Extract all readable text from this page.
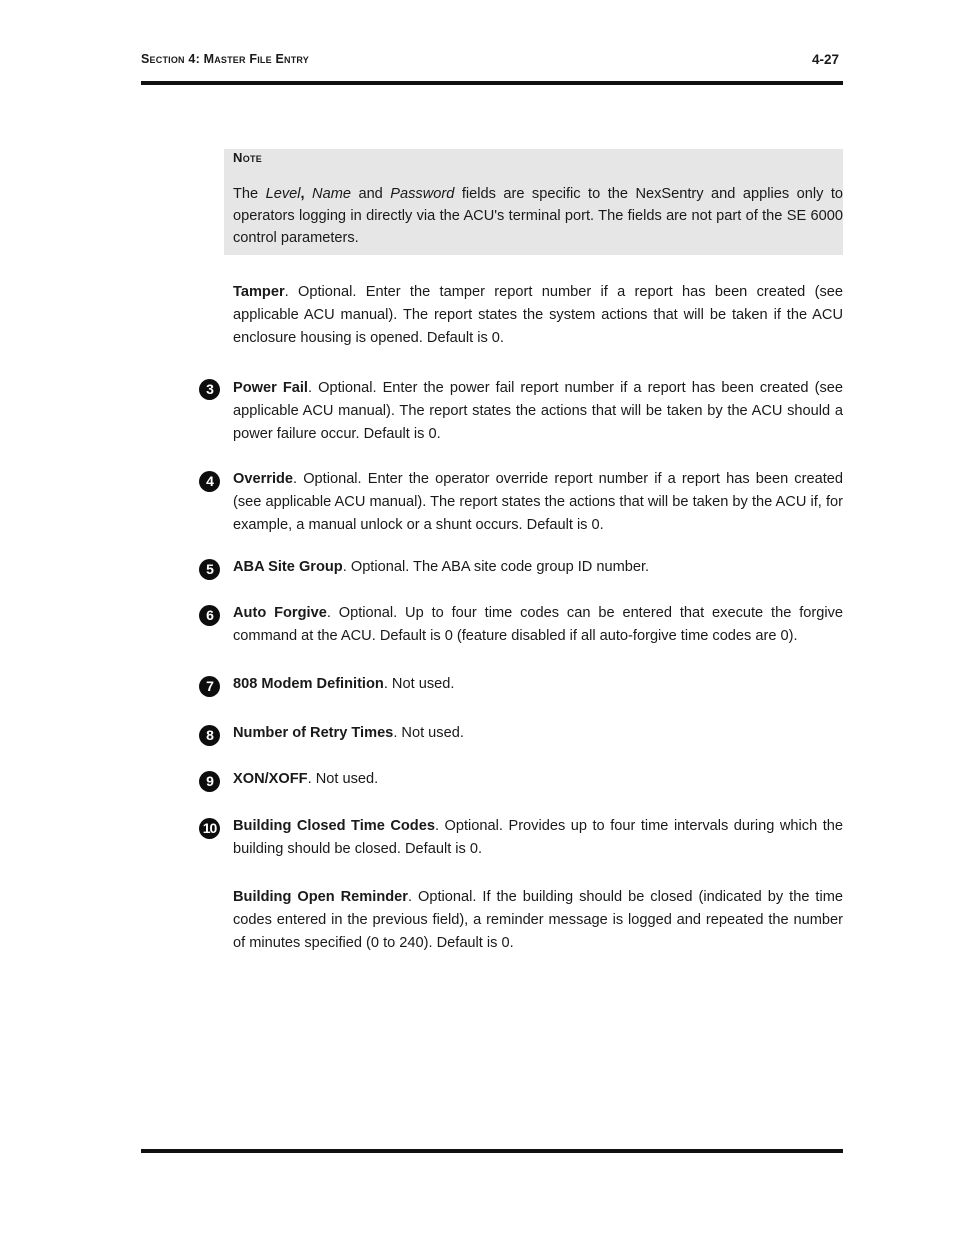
Section 4: Master File Entry	4-27
Note
The Level, Name and Password fields are specific to the NexSentry and applies only to operators logging in directly via the ACU's terminal port. The fields are not part of the SE 6000 control parameters.
Tamper. Optional. Enter the tamper report number if a report has been created (see applicable ACU manual). The report states the system actions that will be taken if the ACU enclosure housing is opened. Default is 0.
3	Power Fail. Optional. Enter the power fail report number if a report has been created (see applicable ACU manual). The report states the actions that will be taken by the ACU should a power failure occur. Default is 0.
4	Override. Optional. Enter the operator override report number if a report has been created (see applicable ACU manual). The report states the actions that will be taken by the ACU if, for example, a manual unlock or a shunt occurs. Default is 0.
5	ABA Site Group. Optional. The ABA site code group ID number.
6	Auto Forgive. Optional. Up to four time codes can be entered that execute the forgive command at the ACU. Default is 0 (feature disabled if all auto-forgive time codes are 0).
7	808 Modem Definition. Not used.
8	Number of Retry Times. Not used.
9	XON/XOFF. Not used.
10 Building Closed Time Codes. Optional. Provides up to four time intervals during which the building should be closed. Default is 0.
Building Open Reminder. Optional. If the building should be closed (indicated by the time codes entered in the previous field), a reminder message is logged and repeated the number of minutes specified (0 to 240). Default is 0.
